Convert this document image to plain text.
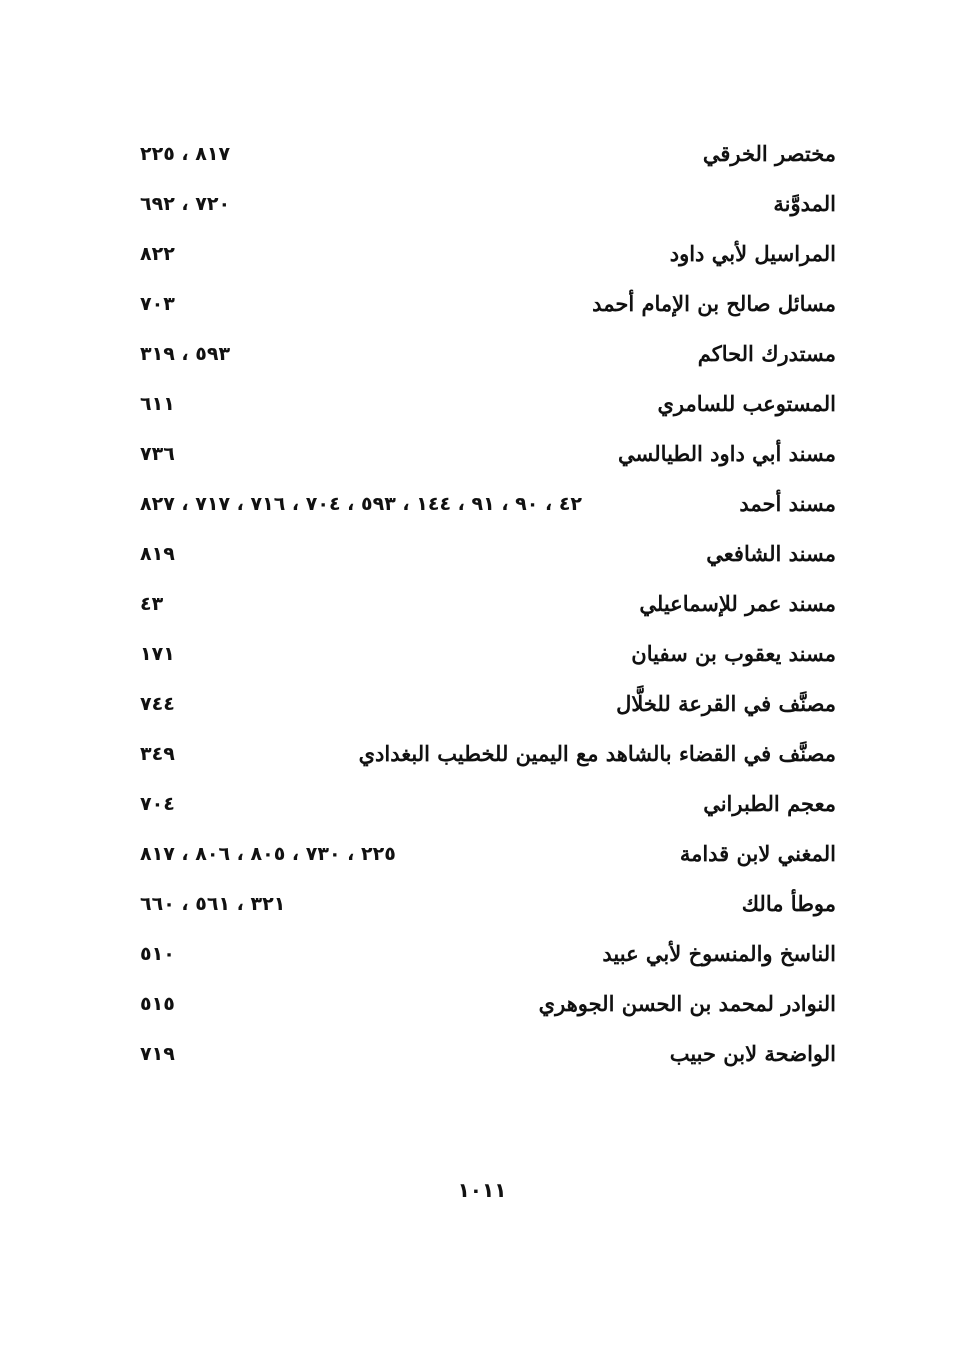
مختصر الخرقي
٨١٧ ، ٢٢٥
المدوَّنة
٧٢٠ ، ٦٩٢
المراسيل لأبي داود
٨٢٢
مسائل صالح بن الإمام أحمد
٧٠٣
مستدرك الحاكم
٥٩٣ ، ٣١٩
المستوعب للسامري
٦١١
مسند أبي داود الطيالسي
٧٣٦
مسند أحمد
٤٢ ، ٩٠ ، ٩١ ، ١٤٤ ، ٥٩٣ ، ٧٠٤ ، ٧١٦ ، ٧١٧ ، ٨٢٧
مسند الشافعي
٨١٩
مسند عمر للإسماعيلي
٤٣
مسند يعقوب بن سفيان
١٧١
مصنَّف في القرعة للخلَّال
٧٤٤
مصنَّف في القضاء بالشاهد مع اليمين للخطيب البغدادي
٣٤٩
معجم الطبراني
٧٠٤
المغني لابن قدامة
٢٢٥ ، ٧٣٠ ، ٨٠٥ ، ٨٠٦ ، ٨١٧
موطأ مالك
٣٢١ ، ٥٦١ ، ٦٦٠
الناسخ والمنسوخ لأبي عبيد
٥١٠
النوادر لمحمد بن الحسن الجوهري
٥١٥
الواضحة لابن حبيب
٧١٩
١٠١١
